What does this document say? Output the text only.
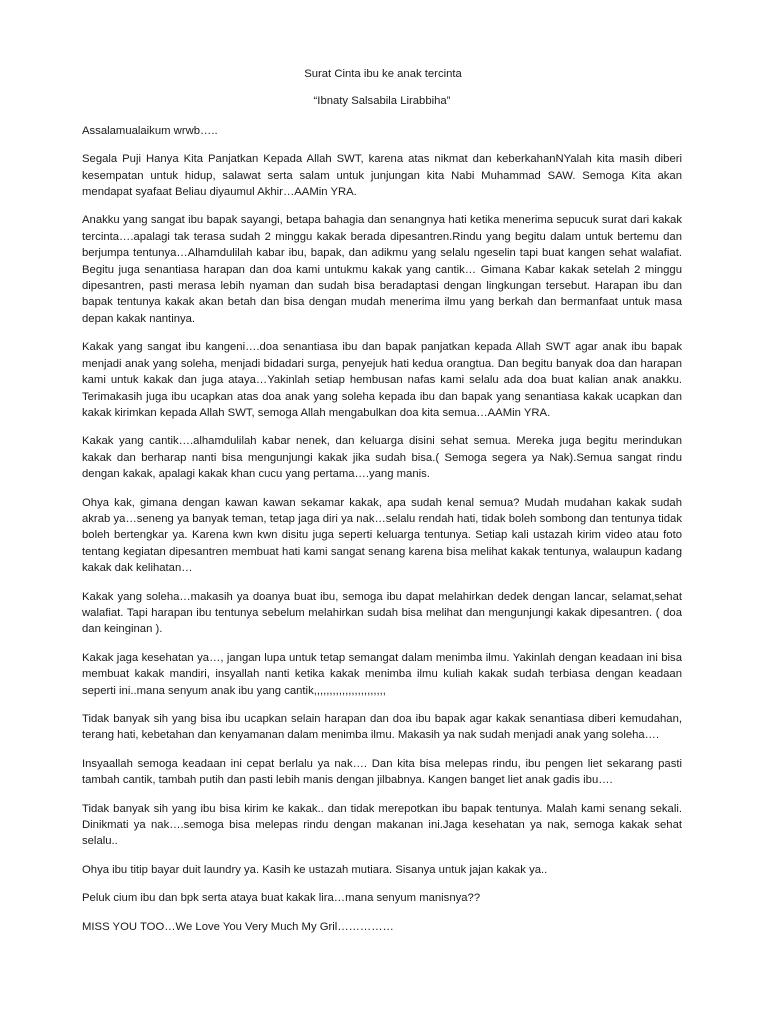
Surat Cinta ibu ke anak tercinta

“Ibnaty Salsabila Lirabbiha”

Assalamualaikum wrwb…..

Segala Puji Hanya Kita Panjatkan Kepada Allah SWT, karena atas nikmat dan keberkahanNYalah kita masih diberi kesempatan untuk hidup, salawat serta salam untuk junjungan kita Nabi Muhammad SAW. Semoga Kita akan mendapat syafaat Beliau diyaumul Akhir…AAMin YRA.

Anakku yang sangat ibu bapak sayangi, betapa bahagia dan senangnya hati ketika menerima sepucuk surat dari kakak tercinta….apalagi tak terasa sudah 2 minggu kakak berada dipesantren.Rindu yang begitu dalam untuk bertemu dan berjumpa tentunya…Alhamdulilah kabar ibu, bapak, dan adikmu yang selalu ngeselin tapi buat kangen sehat walafiat. Begitu juga senantiasa harapan dan doa kami untukmu kakak yang cantik… Gimana Kabar kakak setelah 2 minggu dipesantren, pasti merasa lebih nyaman dan sudah bisa beradaptasi dengan lingkungan tersebut. Harapan ibu dan bapak tentunya kakak akan betah dan bisa dengan mudah menerima ilmu yang berkah dan bermanfaat untuk masa depan kakak nantinya.

Kakak yang sangat ibu kangeni….doa senantiasa ibu dan bapak panjatkan kepada Allah SWT agar anak ibu bapak menjadi anak yang soleha, menjadi bidadari surga, penyejuk hati kedua orangtua. Dan begitu banyak doa dan harapan kami untuk kakak dan juga ataya…Yakinlah setiap hembusan nafas kami selalu ada doa buat kalian anak anakku. Terimakasih juga ibu ucapkan atas doa anak yang soleha kepada ibu dan bapak yang senantiasa kakak ucapkan dan kakak kirimkan kepada Allah SWT, semoga Allah mengabulkan doa kita semua…AAMin YRA.

Kakak yang cantik….alhamdulilah kabar nenek, dan keluarga disini sehat semua. Mereka juga begitu merindukan kakak dan berharap nanti bisa mengunjungi kakak jika sudah bisa.( Semoga segera ya Nak).Semua sangat rindu dengan kakak, apalagi kakak khan cucu yang pertama….yang manis.

Ohya kak, gimana dengan kawan kawan sekamar kakak, apa sudah kenal semua? Mudah mudahan kakak sudah akrab ya…seneng ya banyak teman, tetap jaga diri ya nak…selalu rendah hati, tidak boleh sombong dan tentunya tidak boleh bertengkar ya. Karena kwn kwn disitu juga seperti keluarga tentunya. Setiap kali ustazah kirim video atau foto tentang kegiatan dipesantren membuat hati kami sangat senang karena bisa melihat kakak tentunya, walaupun kadang kakak dak kelihatan…

Kakak yang soleha…makasih ya doanya buat ibu, semoga ibu dapat melahirkan dedek dengan lancar, selamat,sehat walafiat. Tapi harapan ibu tentunya sebelum melahirkan sudah bisa melihat dan mengunjungi kakak dipesantren. ( doa dan keinginan ).

Kakak jaga kesehatan ya…, jangan lupa untuk tetap semangat dalam menimba ilmu. Yakinlah dengan keadaan ini bisa membuat kakak mandiri, insyallah nanti ketika kakak menimba ilmu kuliah kakak sudah terbiasa dengan keadaan seperti ini..mana senyum anak ibu yang cantik,,,,,,,,,,,,,,,,,,,,,,,

Tidak banyak sih yang bisa ibu ucapkan selain harapan dan doa ibu bapak agar kakak senantiasa diberi kemudahan, terang hati, kebetahan dan kenyamanan dalam menimba ilmu. Makasih ya nak sudah menjadi anak yang soleha….

Insyaallah semoga keadaan ini cepat berlalu ya nak…. Dan kita bisa melepas rindu, ibu pengen liet sekarang pasti tambah cantik, tambah putih dan pasti lebih manis dengan jilbabnya. Kangen banget liet anak gadis ibu….

Tidak banyak sih yang ibu bisa kirim ke kakak.. dan tidak merepotkan ibu bapak tentunya. Malah kami senang sekali. Dinikmati ya nak….semoga bisa melepas rindu dengan makanan ini.Jaga kesehatan ya nak, semoga kakak sehat selalu..

Ohya ibu titip bayar duit laundry ya. Kasih ke ustazah mutiara. Sisanya untuk jajan kakak ya..

Peluk cium ibu dan bpk serta ataya buat kakak lira…mana senyum manisnya??

MISS YOU TOO…We Love You Very Much My Gril……………
